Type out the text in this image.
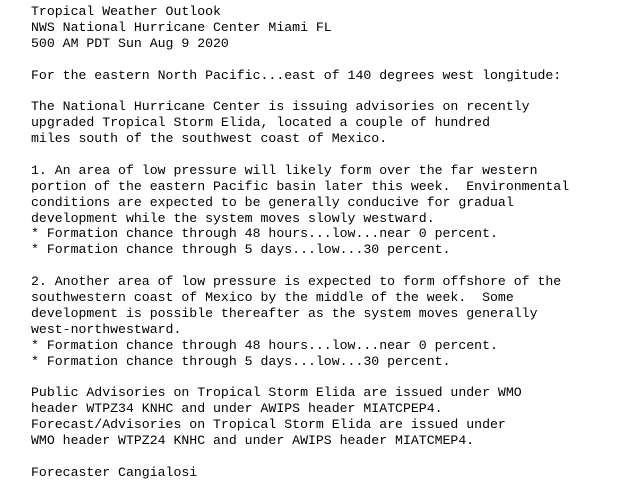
Tropical Weather Outlook
NWS National Hurricane Center Miami FL
500 AM PDT Sun Aug 9 2020
For the eastern North Pacific...east of 140 degrees west longitude:
The National Hurricane Center is issuing advisories on recently
upgraded Tropical Storm Elida, located a couple of hundred
miles south of the southwest coast of Mexico.
1. An area of low pressure will likely form over the far western
portion of the eastern Pacific basin later this week.  Environmental
conditions are expected to be generally conducive for gradual
development while the system moves slowly westward.
* Formation chance through 48 hours...low...near 0 percent.
* Formation chance through 5 days...low...30 percent.
2. Another area of low pressure is expected to form offshore of the
southwestern coast of Mexico by the middle of the week.  Some
development is possible thereafter as the system moves generally
west-northwestward.
* Formation chance through 48 hours...low...near 0 percent.
* Formation chance through 5 days...low...30 percent.
Public Advisories on Tropical Storm Elida are issued under WMO
header WTPZ34 KNHC and under AWIPS header MIATCPEP4.
Forecast/Advisories on Tropical Storm Elida are issued under
WMO header WTPZ24 KNHC and under AWIPS header MIATCMEP4.
Forecaster Cangialosi
